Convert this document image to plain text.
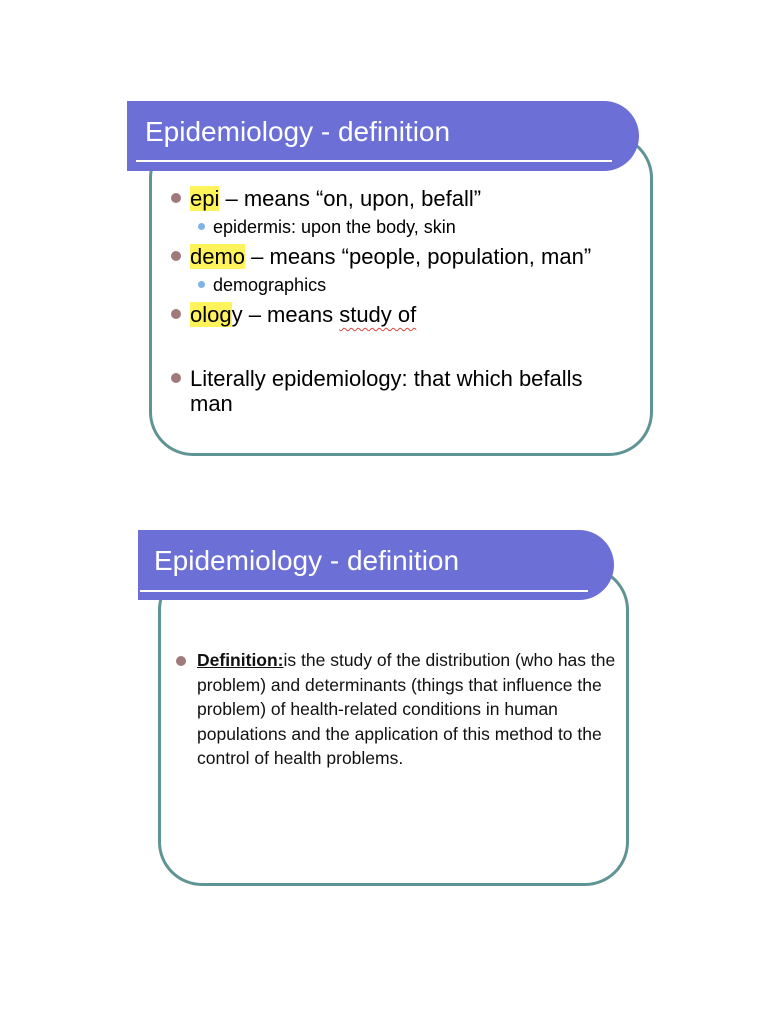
Epidemiology - definition
epi – means “on, upon, befall”
epidermis: upon the body, skin
demo – means “people, population, man”
demographics
ology – means study of
Literally epidemiology: that which befalls
man
Epidemiology - definition
Definition:is the study of the distribution (who has the problem) and determinants (things that influence the problem) of health-related conditions in human populations and the application of this method to the control of health problems.
